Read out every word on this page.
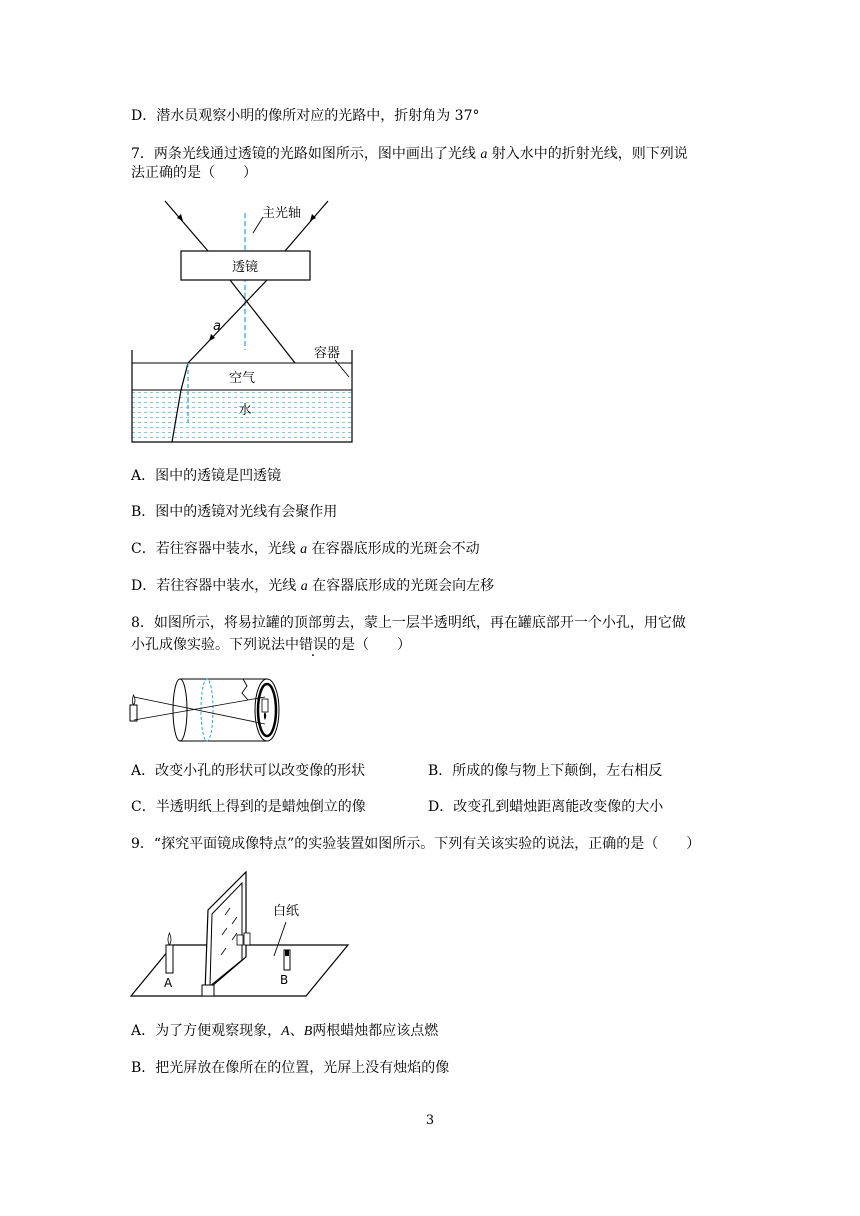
D．潜水员观察小明的像所对应的光路中，折射角为 37°
7．两条光线通过透镜的光路如图所示，图中画出了光线 a 射入水中的折射光线，则下列说
法正确的是（　　）
主光轴
透镜
a
容器
空气
水
A．图中的透镜是凹透镜
B．图中的透镜对光线有会聚作用
C．若往容器中装水，光线 a 在容器底形成的光斑会不动
D．若往容器中装水，光线 a 在容器底形成的光斑会向左移
8．如图所示，将易拉罐的顶部剪去，蒙上一层半透明纸，再在罐底部开一个小孔，用它做
小孔成像实验。下列说法中错误的是（　　）
A．改变小孔的形状可以改变像的形状	B．所成的像与物上下颠倒，左右相反
C．半透明纸上得到的是蜡烛倒立的像	D．改变孔到蜡烛距离能改变像的大小
9．“探究平面镜成像特点”的实验装置如图所示。下列有关该实验的说法，正确的是（　　）
A	B
白纸
A．为了方便观察现象，A、B两根蜡烛都应该点燃
B．把光屏放在像所在的位置，光屏上没有烛焰的像
3
